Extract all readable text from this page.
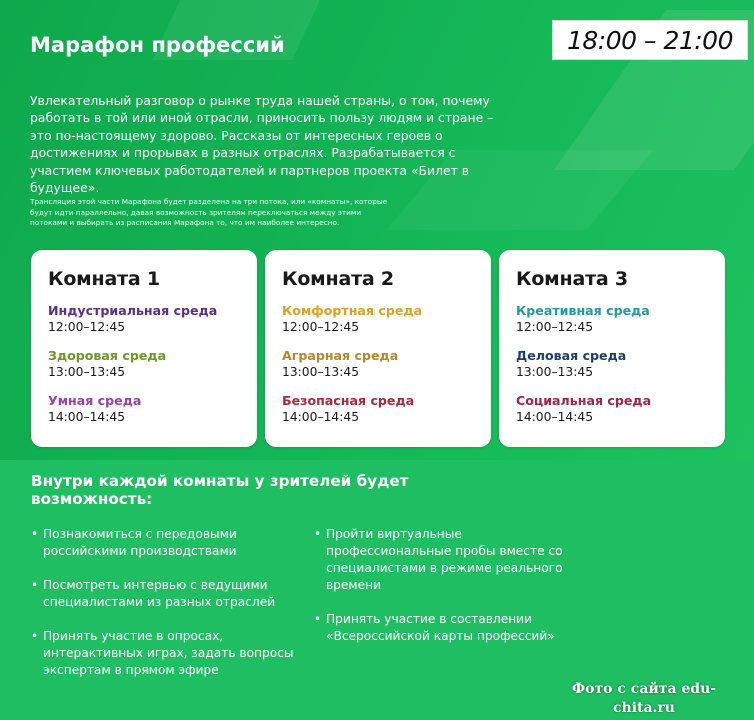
18:00 – 21:00
Марафон профессий

Увлекательный разговор о рынке труда нашей страны, о том, почему работать в той или иной отрасли, приносить пользу людям и стране – это по-настоящему здорово. Рассказы от интересных героев о достижениях и прорывах в разных отраслях. Разрабатывается с участием ключевых работодателей и партнеров проекта «Билет в будущее».

Трансляция этой части Марафона будет разделена на три потока, или «комнаты», которые будут идти параллельно, давая возможность зрителям переключаться между этими потоками и выбирать из расписания Марафона то, что им наиболее интересно.

Комната 1
Индустриальная среда
12:00–12:45
Здоровая среда
13:00–13:45
Умная среда
14:00–14:45
Комната 2
Комфортная среда
12:00–12:45
Аграрная среда
13:00–13:45
Безопасная среда
14:00–14:45
Комната 3
Креативная среда
12:00–12:45
Деловая среда
13:00–13:45
Социальная среда
14:00–14:45
Внутри каждой комнаты у зрителей будет возможность:
• Познакомиться с передовыми российскими производствами
• Посмотреть интервью с ведущими специалистами из разных отраслей
• Принять участие в опросах, интерактивных играх, задать вопросы экспертам в прямом эфире
• Пройти виртуальные профессиональные пробы вместе со специалистами в режиме реального времени
• Принять участие в составлении «Всероссийской карты профессий»
Фото с сайта edu-chita.ru
